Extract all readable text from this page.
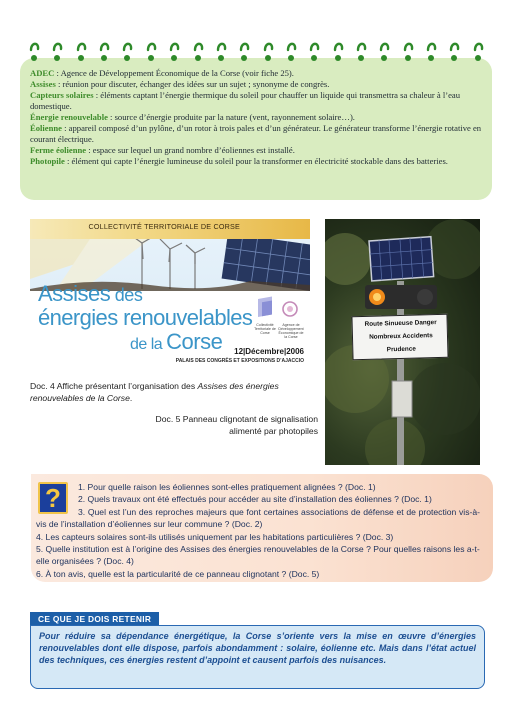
ADEC : Agence de Développement Économique de la Corse (voir fiche 25).
Assises : réunion pour discuter, échanger des idées sur un sujet ; synonyme de congrès.
Capteurs solaires : éléments captant l’énergie thermique du soleil pour chauffer un liquide qui transmettra sa chaleur à l’eau domestique.
Énergie renouvelable : source d’énergie produite par la nature (vent, rayonnement solaire…).
Éolienne : appareil composé d’un pylône, d’un rotor à trois pales et d’un générateur. Le générateur transforme l’énergie rotative en courant électrique.
Ferme éolienne : espace sur lequel un grand nombre d’éoliennes est installé.
Photopile : élément qui capte l’énergie lumineuse du soleil pour la transformer en électricité stockable dans des batteries.
COLLECTIVITÉ TERRITORIALE DE CORSE
Assises des
énergies renouvelables
de la Corse
Collectivité Territoriale de Corse
Agence de Développement Économique de la Corse
12|Décembre|2006
PALAIS DES CONGRÈS ET EXPOSITIONS D’AJACCIO
Doc. 4 Affiche présentant l’organisation des Assises des énergies renouvelables de la Corse.
Doc. 5 Panneau clignotant de signalisation
alimenté par photopiles
Route Sinueuse Danger
Nombreux Accidents
Prudence
?	1. Pour quelle raison les éoliennes sont-elles pratiquement alignées ? (Doc. 1)
2. Quels travaux ont été effectués pour accéder au site d’installation des éoliennes ? (Doc. 1)
3. Quel est l’un des reproches majeurs que font certaines associations de défense et de protection vis-à-vis de l’installation d’éoliennes sur leur commune ? (Doc. 2)
4. Les capteurs solaires sont-ils utilisés uniquement par les habitations particulières ? (Doc. 3)
5. Quelle institution est à l’origine des Assises des énergies renouvelables de la Corse ? Pour quelles raisons les a-t-elle organisées ? (Doc. 4)
6. À ton avis, quelle est la particularité de ce panneau clignotant ? (Doc. 5)
CE QUE JE DOIS RETENIR
Pour réduire sa dépendance énergétique, la Corse s’oriente vers la mise en œuvre d’énergies renouvelables dont elle dispose, parfois abondamment : solaire, éolienne etc. Mais dans l’état actuel des techniques, ces énergies restent d’appoint et causent parfois des nuisances.
